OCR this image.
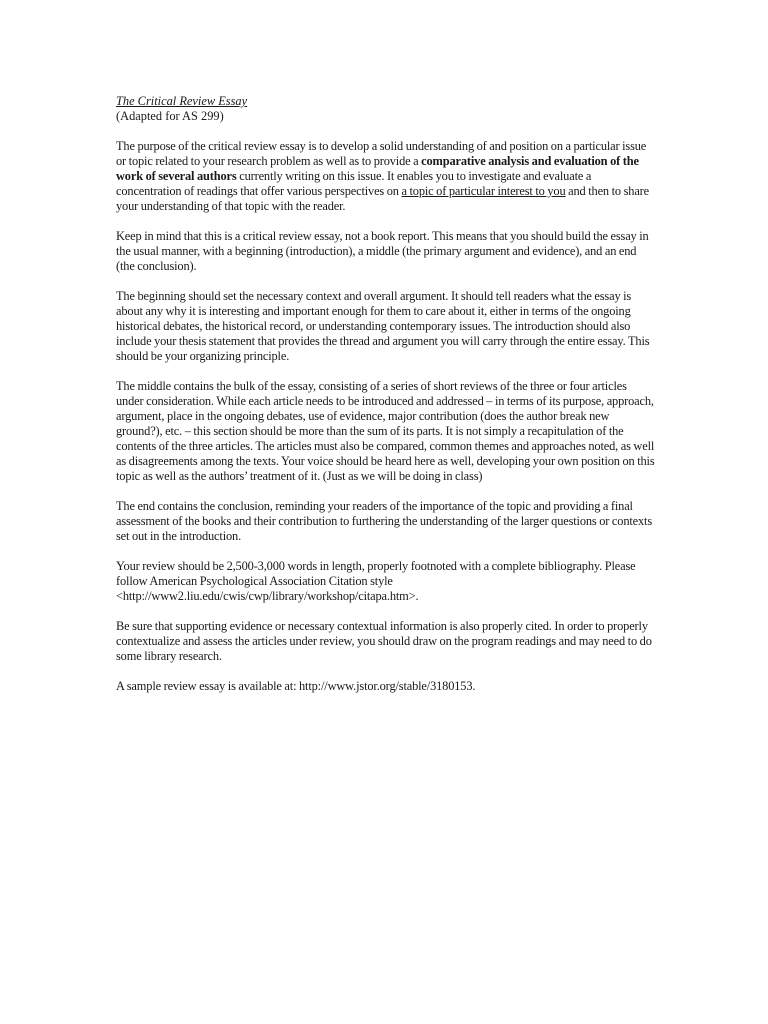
The Critical Review Essay

(Adapted for AS 299)

The purpose of the critical review essay is to develop a solid understanding of and position on a particular issue or topic related to your research problem as well as to provide a comparative analysis and evaluation of the work of several authors currently writing on this issue. It enables you to investigate and evaluate a concentration of readings that offer various perspectives on a topic of particular interest to you and then to share your understanding of that topic with the reader.

Keep in mind that this is a critical review essay, not a book report. This means that you should build the essay in the usual manner, with a beginning (introduction), a middle (the primary argument and evidence), and an end (the conclusion).

The beginning should set the necessary context and overall argument. It should tell readers what the essay is about any why it is interesting and important enough for them to care about it, either in terms of the ongoing historical debates, the historical record, or understanding contemporary issues. The introduction should also include your thesis statement that provides the thread and argument you will carry through the entire essay. This should be your organizing principle.

The middle contains the bulk of the essay, consisting of a series of short reviews of the three or four articles under consideration. While each article needs to be introduced and addressed – in terms of its purpose, approach, argument, place in the ongoing debates, use of evidence, major contribution (does the author break new ground?), etc. – this section should be more than the sum of its parts. It is not simply a recapitulation of the contents of the three articles. The articles must also be compared, common themes and approaches noted, as well as disagreements among the texts. Your voice should be heard here as well, developing your own position on this topic as well as the authors’ treatment of it. (Just as we will be doing in class)

The end contains the conclusion, reminding your readers of the importance of the topic and providing a final assessment of the books and their contribution to furthering the understanding of the larger questions or contexts set out in the introduction.

Your review should be 2,500-3,000 words in length, properly footnoted with a complete bibliography. Please follow American Psychological Association Citation style <http://www2.liu.edu/cwis/cwp/library/workshop/citapa.htm>.

Be sure that supporting evidence or necessary contextual information is also properly cited. In order to properly contextualize and assess the articles under review, you should draw on the program readings and may need to do some library research.

A sample review essay is available at: http://www.jstor.org/stable/3180153.
